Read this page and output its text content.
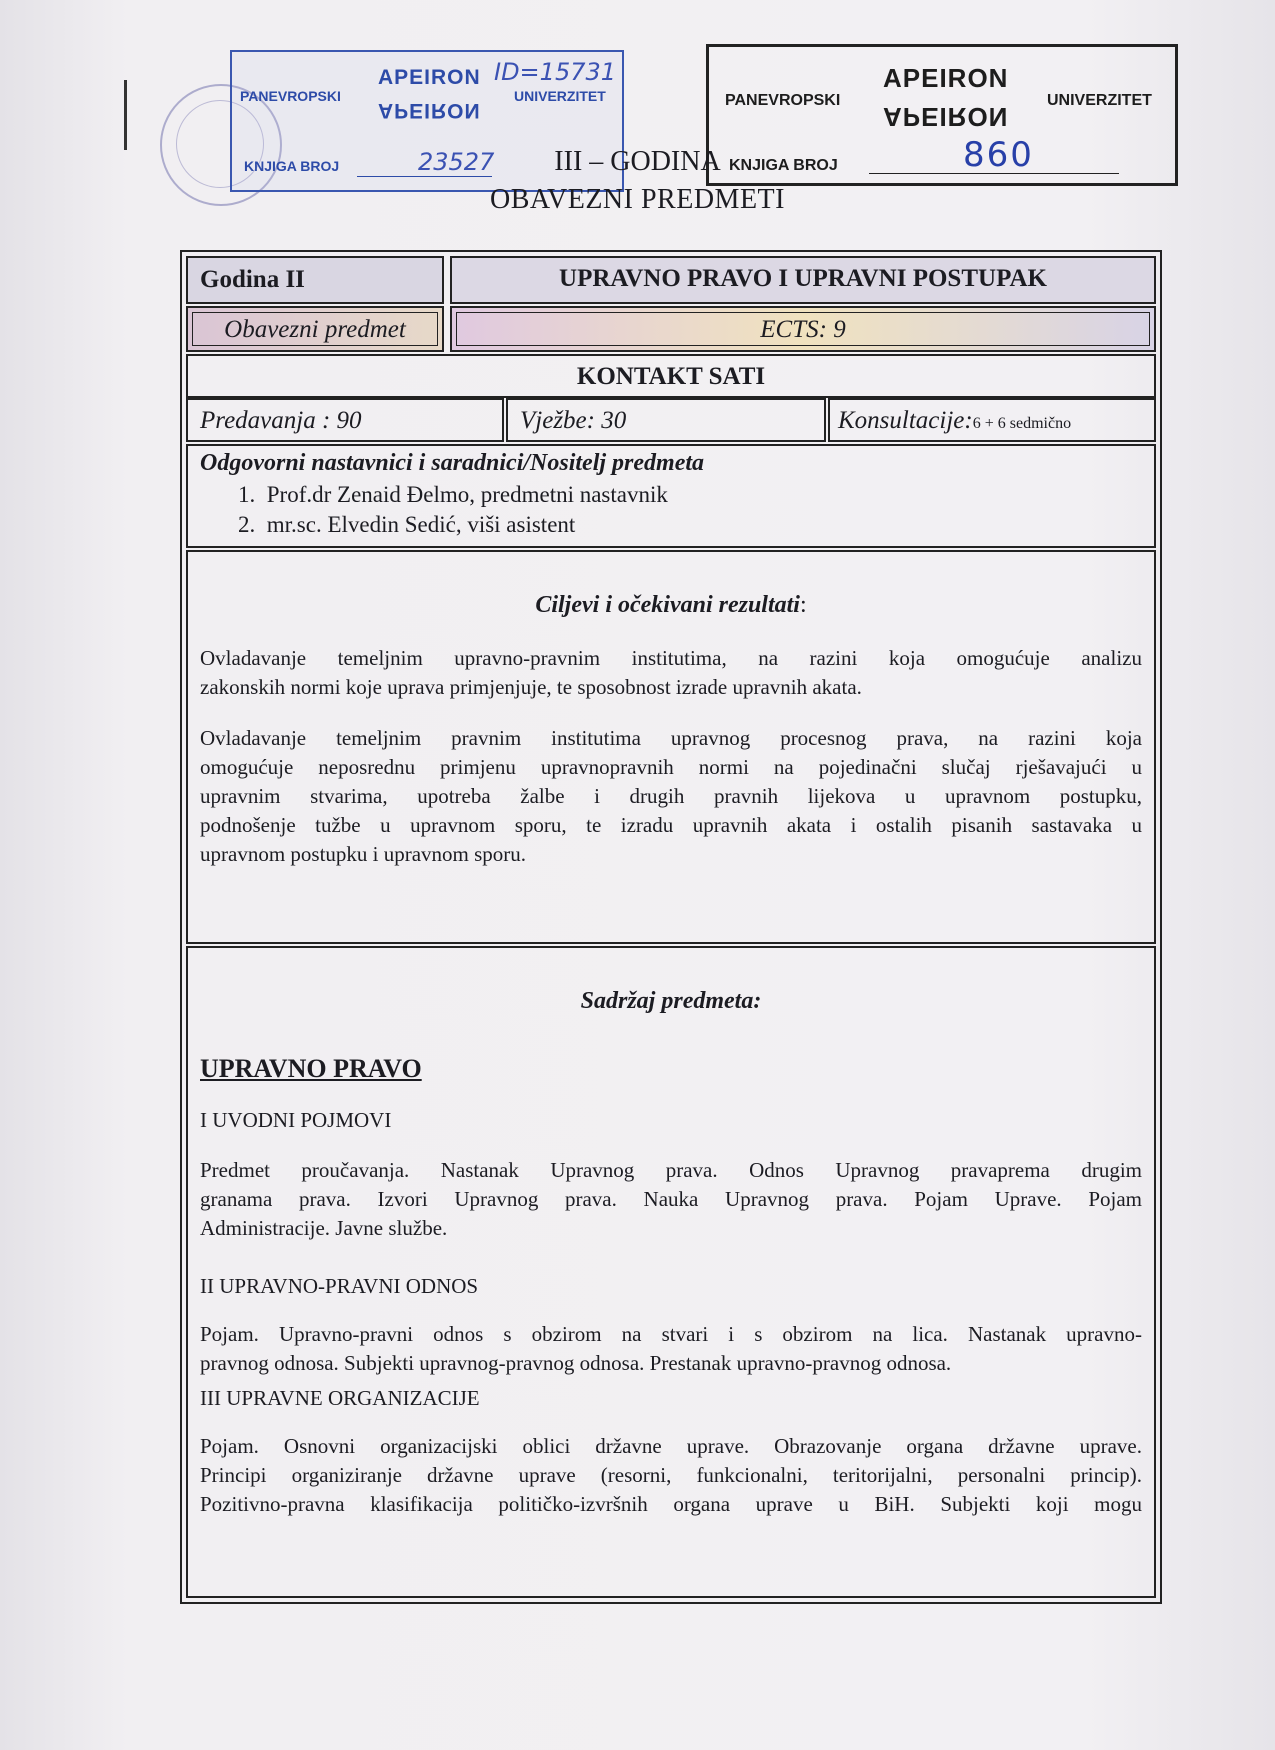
PANEVROPSKI
APEIRON
APEIRON
UNIVERZITET
ID=15731
KNJIGA BROJ	23527
PANEVROPSKI
APEIRON
APEIRON
UNIVERZITET
KNJIGA BROJ	860
III – GODINA
OBAVEZNI PREDMETI
Godina II	UPRAVNO PRAVO I UPRAVNI POSTUPAK
Obavezni predmet	ECTS: 9
KONTAKT SATI
Predavanja : 90	Vježbe: 30	Konsultacije:6 + 6 sedmično
Odgovorni nastavnici i saradnici/Nositelj predmeta
1. Prof.dr Zenaid Đelmo, predmetni nastavnik
2. mr.sc. Elvedin Sedić, viši asistent
Ciljevi i očekivani rezultati:
Ovladavanje temeljnim upravno-pravnim institutima, na razini koja omogućuje analizu
zakonskih normi koje uprava primjenjuje, te sposobnost izrade upravnih akata.
Ovladavanje temeljnim pravnim institutima upravnog procesnog prava, na razini koja
omogućuje neposrednu primjenu upravnopravnih normi na pojedinačni slučaj rješavajući u
upravnim stvarima, upotreba žalbe i drugih pravnih lijekova u upravnom postupku,
podnošenje tužbe u upravnom sporu, te izradu upravnih akata i ostalih pisanih sastavaka u
upravnom postupku i upravnom sporu.
Sadržaj predmeta:
UPRAVNO PRAVO
I UVODNI POJMOVI
Predmet proučavanja. Nastanak Upravnog prava. Odnos Upravnog pravaprema drugim
granama prava. Izvori Upravnog prava. Nauka Upravnog prava. Pojam Uprave. Pojam
Administracije. Javne službe.
II UPRAVNO-PRAVNI ODNOS
Pojam. Upravno-pravni odnos s obzirom na stvari i s obzirom na lica. Nastanak upravno-
pravnog odnosa. Subjekti upravnog-pravnog odnosa. Prestanak upravno-pravnog odnosa.
III UPRAVNE ORGANIZACIJE
Pojam. Osnovni organizacijski oblici državne uprave. Obrazovanje organa državne uprave.
Principi organiziranje državne uprave (resorni, funkcionalni, teritorijalni, personalni princip).
Pozitivno-pravna klasifikacija političko-izvršnih organa uprave u BiH. Subjekti koji mogu
